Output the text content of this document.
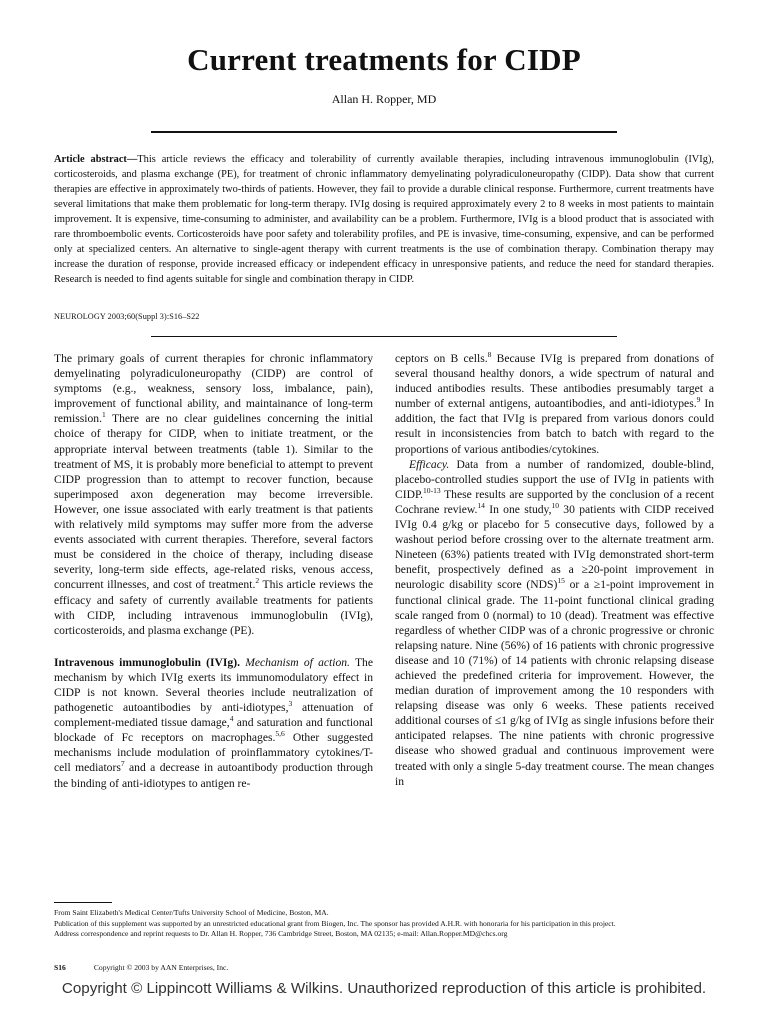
Current treatments for CIDP
Allan H. Ropper, MD

Article abstract—This article reviews the efficacy and tolerability of currently available therapies, including intravenous immunoglobulin (IVIg), corticosteroids, and plasma exchange (PE), for treatment of chronic inflammatory demyelinating polyradiculoneuropathy (CIDP). Data show that current therapies are effective in approximately two-thirds of patients. However, they fail to provide a durable clinical response. Furthermore, current treatments have several limitations that make them problematic for long-term therapy. IVIg dosing is required approximately every 2 to 8 weeks in most patients to maintain improvement. It is expensive, time-consuming to administer, and availability can be a problem. Furthermore, IVIg is a blood product that is associated with rare thromboembolic events. Corticosteroids have poor safety and tolerability profiles, and PE is invasive, time-consuming, expensive, and can be performed only at specialized centers. An alternative to single-agent therapy with current treatments is the use of combination therapy. Combination therapy may increase the duration of response, provide increased efficacy or independent efficacy in unresponsive patients, and reduce the need for standard therapies. Research is needed to find agents suitable for single and combination therapy in CIDP.

NEUROLOGY 2003;60(Suppl 3):S16–S22

The primary goals of current therapies for chronic inflammatory demyelinating polyradiculoneuropathy (CIDP) are control of symptoms (e.g., weakness, sensory loss, imbalance, pain), improvement of functional ability, and maintainance of long-term remission.$^1$ There are no clear guidelines concerning the initial choice of therapy for CIDP, when to initiate treatment, or the appropriate interval between treatments (table 1). Similar to the treatment of MS, it is probably more beneficial to attempt to prevent CIDP progression than to attempt to recover function, because superimposed axon degeneration may become irreversible. However, one issue associated with early treatment is that patients with relatively mild symptoms may suffer more from the adverse events associated with current therapies. Therefore, several factors must be considered in the choice of therapy, including disease severity, long-term side effects, age-related risks, venous access, concurrent illnesses, and cost of treatment.$^2$ This article reviews the efficacy and safety of currently available treatments for patients with CIDP, including intravenous immunoglobulin (IVIg), corticosteroids, and plasma exchange (PE).

Intravenous immunoglobulin (IVIg). Mechanism of action. The mechanism by which IVIg exerts its immunomodulatory effect in CIDP is not known. Several theories include neutralization of pathogenetic autoantibodies by anti-idiotypes,$^3$ attenuation of complement-mediated tissue damage,$^4$ and saturation and functional blockade of Fc receptors on macrophages.$^{5,6}$ Other suggested mechanisms include modulation of proinflammatory cytokines/T-cell mediators$^7$ and a decrease in autoantibody production through the binding of anti-idiotypes to antigen re-

ceptors on B cells.$^8$ Because IVIg is prepared from donations of several thousand healthy donors, a wide spectrum of natural and induced antibodies results. These antibodies presumably target a number of external antigens, autoantibodies, and anti-idiotypes.$^9$ In addition, the fact that IVIg is prepared from various donors could result in inconsistencies from batch to batch with regard to the proportions of various antibodies/cytokines.

Efficacy. Data from a number of randomized, double-blind, placebo-controlled studies support the use of IVIg in patients with CIDP.$^{10-13}$ These results are supported by the conclusion of a recent Cochrane review.$^{14}$ In one study,$^{10}$ 30 patients with CIDP received IVIg 0.4 g/kg or placebo for 5 consecutive days, followed by a washout period before crossing over to the alternate treatment arm. Nineteen (63%) patients treated with IVIg demonstrated short-term benefit, prospectively defined as a ≥20-point improvement in neurologic disability score (NDS)$^{15}$ or a ≥1-point improvement in functional clinical grade. The 11-point functional clinical grading scale ranged from 0 (normal) to 10 (dead). Treatment was effective regardless of whether CIDP was of a chronic progressive or chronic relapsing nature. Nine (56%) of 16 patients with chronic progressive disease and 10 (71%) of 14 patients with chronic relapsing disease achieved the predefined criteria for improvement. However, the median duration of improvement among the 10 responders with relapsing disease was only 6 weeks. These patients received additional courses of ≤1 g/kg of IVIg as single infusions before their anticipated relapses. The nine patients with chronic progressive disease who showed gradual and continuous improvement were treated with only a single 5-day treatment course. The mean changes in

From Saint Elizabeth's Medical Center/Tufts University School of Medicine, Boston, MA.

Publication of this supplement was supported by an unrestricted educational grant from Biogen, Inc. The sponsor has provided A.H.R. with honoraria for his participation in this project.

Address correspondence and reprint requests to Dr. Allan H. Ropper, 736 Cambridge Street, Boston, MA 02135; e-mail: Allan.Ropper.MD@chcs.org

S16	Copyright © 2003 by AAN Enterprises, Inc.
Copyright © Lippincott Williams & Wilkins. Unauthorized reproduction of this article is prohibited.
